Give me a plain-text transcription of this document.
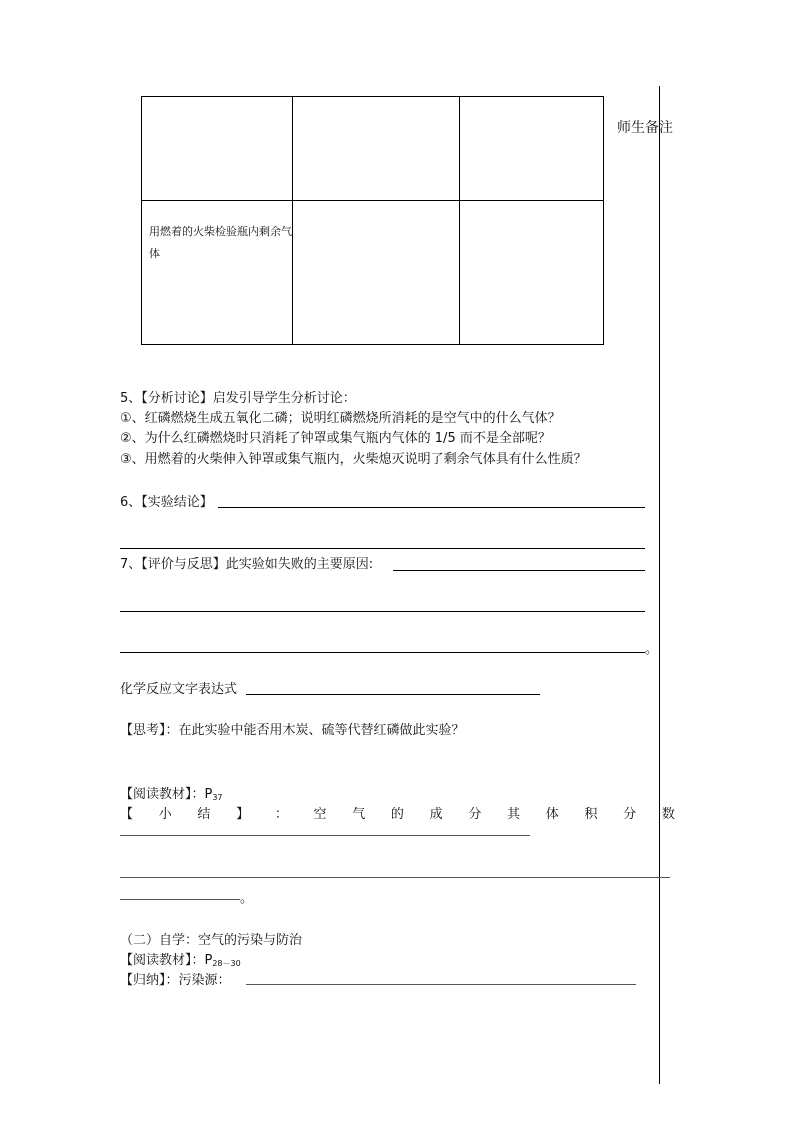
师生备注
用燃着的火柴检验瓶内剩余气体
5、【分析讨论】启发引导学生分析讨论：
①、红磷燃烧生成五氧化二磷；说明红磷燃烧所消耗的是空气中的什么气体？
②、为什么红磷燃烧时只消耗了钟罩或集气瓶内气体的 1/5 而不是全部呢？
③、用燃着的火柴伸入钟罩或集气瓶内，火柴熄灭说明了剩余气体具有什么性质？
6、【实验结论】
7、【评价与反思】此实验如失败的主要原因:
。
化学反应文字表达式
【思考】：在此实验中能否用木炭、硫等代替红磷做此实验？
【阅读教材】：$P_{37}$
【 小 结 】 ： 空 气 的 成 分 其 体 积 分 数
。
（二）自学：空气的污染与防治
【阅读教材】：$P_{28-30}$
【归纳】：污染源：
